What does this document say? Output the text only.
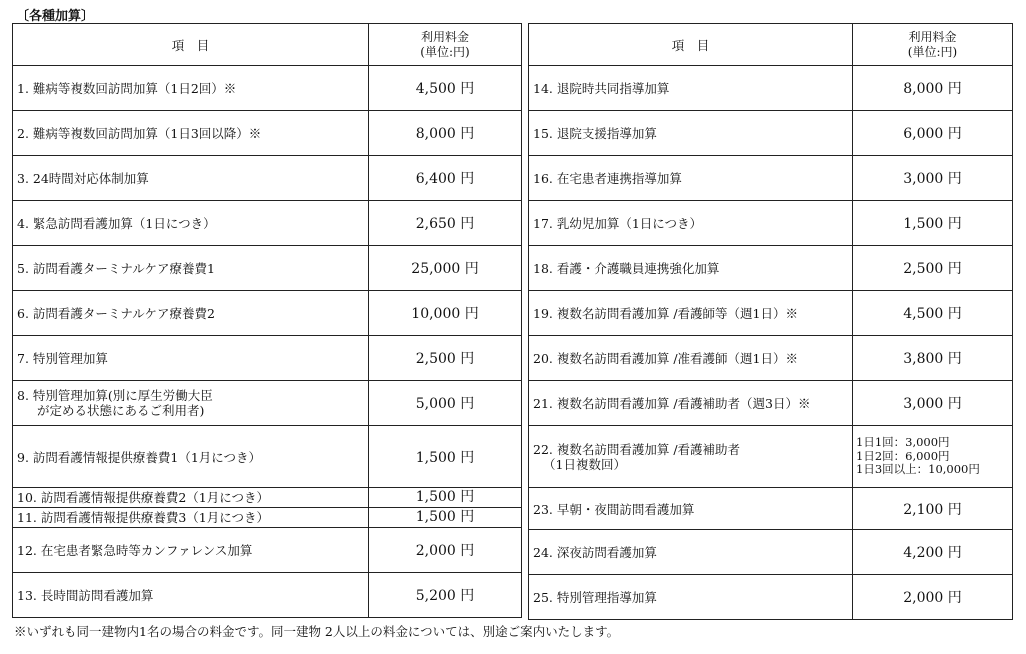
〔各種加算〕
項　目	利用料金
(単位:円)

1. 難病等複数回訪問加算（1日2回）※	4,500 円
2. 難病等複数回訪問加算（1日3回以降）※	8,000 円
3. 24時間対応体制加算	6,400 円
4. 緊急訪問看護加算（1日につき）	2,650 円
5. 訪問看護ターミナルケア療養費1	25,000 円
6. 訪問看護ターミナルケア療養費2	10,000 円
7. 特別管理加算	2,500 円

8. 特別管理加算(別に厚生労働大臣
が定める状態にあるご利用者)	5,000 円
9. 訪問看護情報提供療養費1（1月につき）	1,500 円
10. 訪問看護情報提供療養費2（1月につき）	1,500 円
11. 訪問看護情報提供療養費3（1月につき）	1,500 円
12. 在宅患者緊急時等カンファレンス加算	2,000 円
13. 長時間訪問看護加算	5,200 円
項　目	利用料金
(単位:円)

14. 退院時共同指導加算	8,000 円
15. 退院支援指導加算	6,000 円
16. 在宅患者連携指導加算	3,000 円
17. 乳幼児加算（1日につき）	1,500 円
18. 看護・介護職員連携強化加算	2,500 円
19. 複数名訪問看護加算 /看護師等（週1日）※	4,500 円
20. 複数名訪問看護加算 /准看護師（週1日）※	3,800 円
21. 複数名訪問看護加算 /看護補助者（週3日）※	3,000 円

22. 複数名訪問看護加算 /看護補助者
（1日複数回）	1日1回：3,000円
1日2回：6,000円
1日3回以上：10,000円

23. 早朝・夜間訪問看護加算	2,100 円
24. 深夜訪問看護加算	4,200 円
25. 特別管理指導加算	2,000 円
※いずれも同一建物内1名の場合の料金です。同一建物 2人以上の料金については、別途ご案内いたします。
